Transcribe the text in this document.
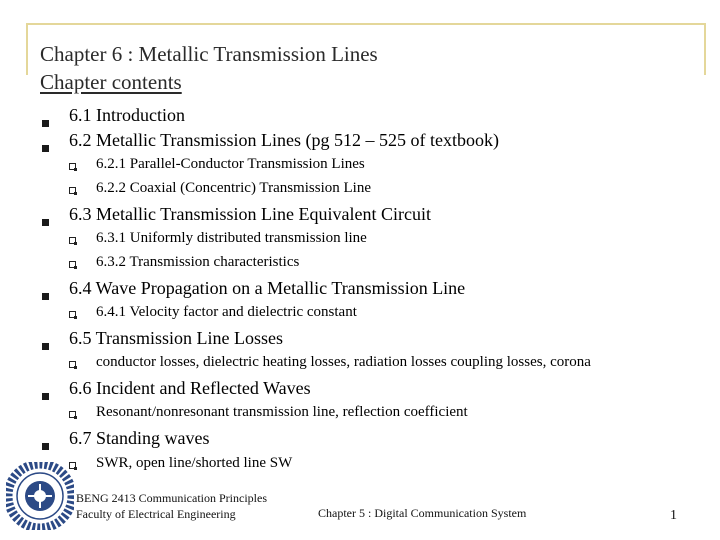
Chapter 6 : Metallic Transmission Lines
Chapter contents
6.1 Introduction
6.2 Metallic Transmission Lines (pg 512 – 525 of textbook)
6.2.1 Parallel-Conductor Transmission Lines
6.2.2 Coaxial (Concentric) Transmission Line
6.3 Metallic Transmission Line Equivalent Circuit
6.3.1 Uniformly distributed transmission line
6.3.2 Transmission characteristics
6.4 Wave Propagation on a Metallic Transmission Line
6.4.1 Velocity factor and dielectric constant
6.5 Transmission Line Losses
conductor losses, dielectric heating losses, radiation losses coupling losses, corona
6.6 Incident and Reflected Waves
Resonant/nonresonant transmission line, reflection coefficient
6.7 Standing waves
SWR, open line/shorted line SW
BENG 2413 Communication Principles
Faculty of Electrical Engineering	Chapter 5 : Digital Communication System	1
